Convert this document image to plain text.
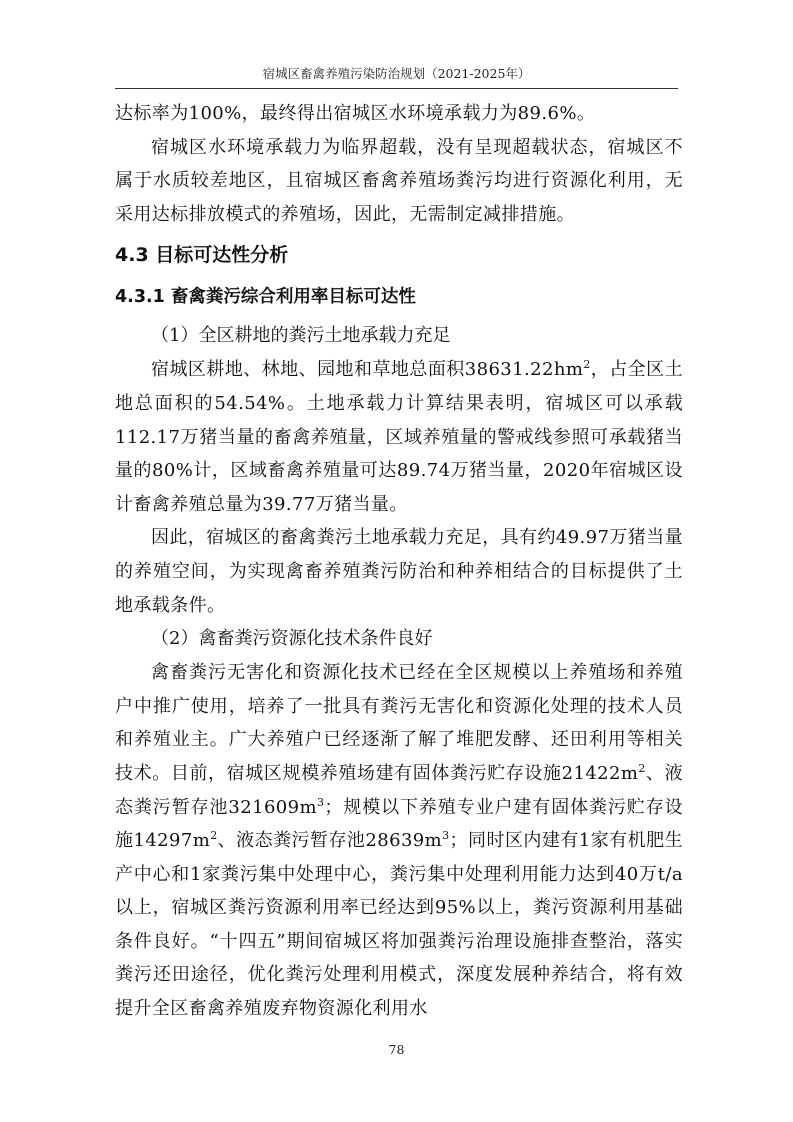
宿城区畜禽养殖污染防治规划（2021-2025年）

达标率为100%，最终得出宿城区水环境承载力为89.6%。

宿城区水环境承载力为临界超载，没有呈现超载状态，宿城区不属于水质较差地区，且宿城区畜禽养殖场粪污均进行资源化利用，无采用达标排放模式的养殖场，因此，无需制定减排措施。

4.3 目标可达性分析

4.3.1 畜禽粪污综合利用率目标可达性

（1）全区耕地的粪污土地承载力充足

宿城区耕地、林地、园地和草地总面积$38631.22hm^2$，占全区土地总面积的54.54%。土地承载力计算结果表明，宿城区可以承载112.17万猪当量的畜禽养殖量，区域养殖量的警戒线参照可承载猪当量的80%计，区域畜禽养殖量可达89.74万猪当量，2020年宿城区设计畜禽养殖总量为39.77万猪当量。

因此，宿城区的畜禽粪污土地承载力充足，具有约49.97万猪当量的养殖空间，为实现禽畜养殖粪污防治和种养相结合的目标提供了土地承载条件。

（2）禽畜粪污资源化技术条件良好

禽畜粪污无害化和资源化技术已经在全区规模以上养殖场和养殖户中推广使用，培养了一批具有粪污无害化和资源化处理的技术人员和养殖业主。广大养殖户已经逐渐了解了堆肥发酵、还田利用等相关技术。目前，宿城区规模养殖场建有固体粪污贮存设施$21422m^2$、液态粪污暂存池$321609m^3$；规模以下养殖专业户建有固体粪污贮存设施$14297m^2$、液态粪污暂存池$28639m^3$；同时区内建有1家有机肥生产中心和1家粪污集中处理中心，粪污集中处理利用能力达到40万t/a以上，宿城区粪污资源利用率已经达到95%以上，粪污资源利用基础条件良好。“十四五”期间宿城区将加强粪污治理设施排查整治，落实粪污还田途径，优化粪污处理利用模式，深度发展种养结合，将有效提升全区畜禽养殖废弃物资源化利用水

78
